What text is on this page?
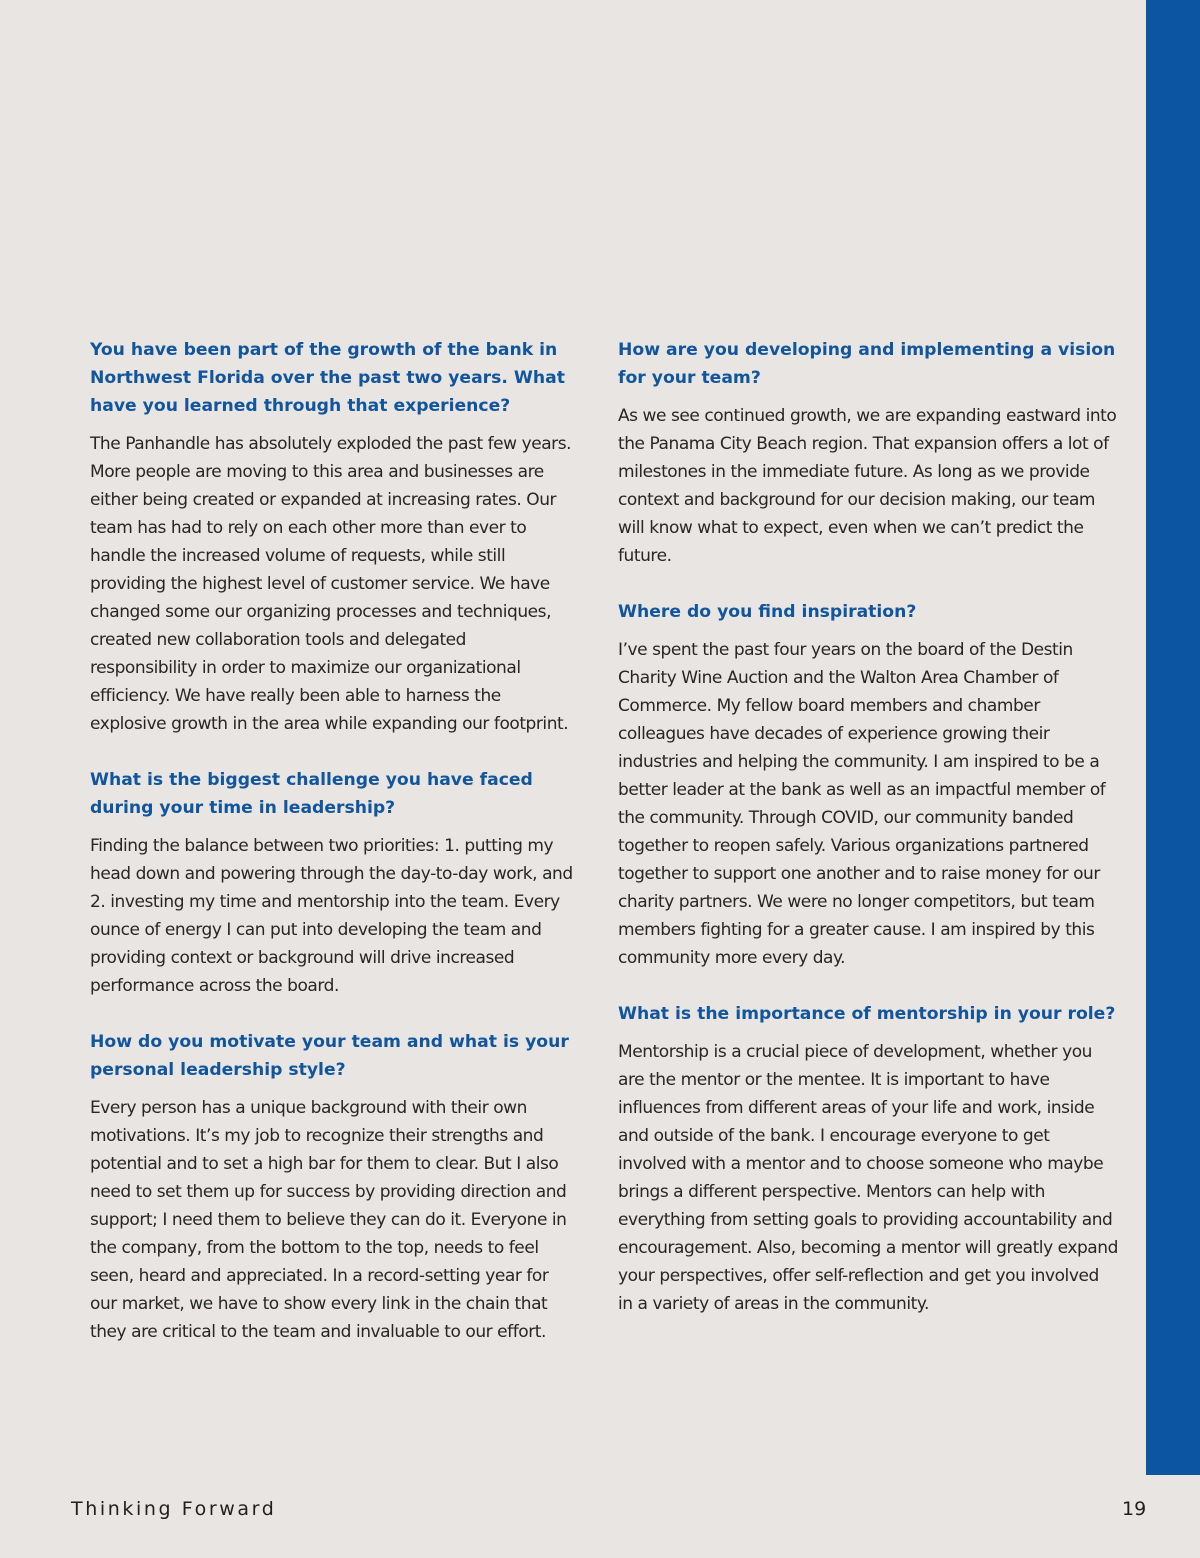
You have been part of the growth of the bank in Northwest Florida over the past two years. What have you learned through that experience?

The Panhandle has absolutely exploded the past few years. More people are moving to this area and businesses are either being created or expanded at increasing rates. Our team has had to rely on each other more than ever to handle the increased volume of requests, while still providing the highest level of customer service. We have changed some our organizing processes and techniques, created new collaboration tools and delegated responsibility in order to maximize our organizational efficiency. We have really been able to harness the explosive growth in the area while expanding our footprint.

What is the biggest challenge you have faced during your time in leadership?

Finding the balance between two priorities: 1. putting my head down and powering through the day-to-day work, and 2. investing my time and mentorship into the team. Every ounce of energy I can put into developing the team and providing context or background will drive increased performance across the board.

How do you motivate your team and what is your personal leadership style?

Every person has a unique background with their own motivations. It’s my job to recognize their strengths and potential and to set a high bar for them to clear. But I also need to set them up for success by providing direction and support; I need them to believe they can do it. Everyone in the company, from the bottom to the top, needs to feel seen, heard and appreciated. In a record-setting year for our market, we have to show every link in the chain that they are critical to the team and invaluable to our effort.

How are you developing and implementing a vision for your team?

As we see continued growth, we are expanding eastward into the Panama City Beach region. That expansion offers a lot of milestones in the immediate future. As long as we provide context and background for our decision making, our team will know what to expect, even when we can’t predict the future.

Where do you find inspiration?

I’ve spent the past four years on the board of the Destin Charity Wine Auction and the Walton Area Chamber of Commerce. My fellow board members and chamber colleagues have decades of experience growing their industries and helping the community. I am inspired to be a better leader at the bank as well as an impactful member of the community. Through COVID, our community banded together to reopen safely. Various organizations partnered together to support one another and to raise money for our charity partners. We were no longer competitors, but team members fighting for a greater cause. I am inspired by this community more every day.

What is the importance of mentorship in your role?

Mentorship is a crucial piece of development, whether you are the mentor or the mentee. It is important to have influences from different areas of your life and work, inside and outside of the bank. I encourage everyone to get involved with a mentor and to choose someone who maybe brings a different perspective. Mentors can help with everything from setting goals to providing accountability and encouragement. Also, becoming a mentor will greatly expand your perspectives, offer self-reflection and get you involved in a variety of areas in the community.

Thinking Forward	19
